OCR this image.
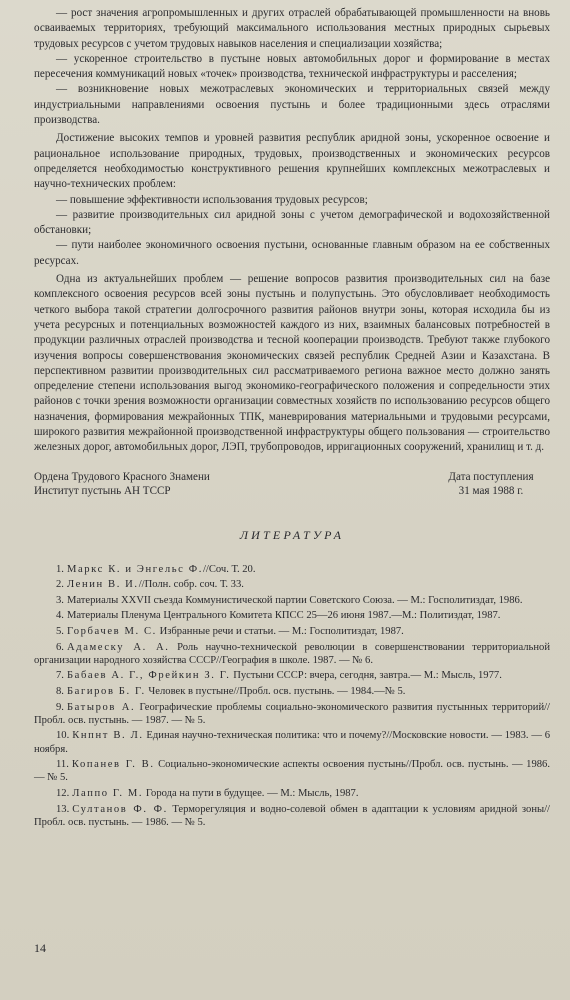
— рост значения агропромышленных и других отраслей обрабатывающей промышленности на вновь осваиваемых территориях, требующий максимального использования местных природных сырьевых трудовых ресурсов с учетом трудовых навыков населения и специализации хозяйства;

— ускоренное строительство в пустыне новых автомобильных дорог и формирование в местах пересечения коммуникаций новых «точек» производства, технической инфраструктуры и расселения;

— возникновение новых межотраслевых экономических и территориальных связей между индустриальными направлениями освоения пустынь и более традиционными здесь отраслями производства.

Достижение высоких темпов и уровней развития республик аридной зоны, ускоренное освоение и рациональное использование природных, трудовых, производственных и экономических ресурсов определяется необходимостью конструктивного решения крупнейших комплексных межотраслевых и научно-технических проблем:

— повышение эффективности использования трудовых ресурсов;

— развитие производительных сил аридной зоны с учетом демографической и водохозяйственной обстановки;

— пути наиболее экономичного освоения пустыни, основанные главным образом на ее собственных ресурсах.

Одна из актуальнейших проблем — решение вопросов развития производительных сил на базе комплексного освоения ресурсов всей зоны пустынь и полупустынь. Это обусловливает необходимость четкого выбора такой стратегии долгосрочного развития районов внутри зоны, которая исходила бы из учета ресурсных и потенциальных возможностей каждого из них, взаимных балансовых потребностей в продукции различных отраслей производства и тесной кооперации производств. Требуют также глубокого изучения вопросы совершенствования экономических связей республик Средней Азии и Казахстана. В перспективном развитии производительных сил рассматриваемого региона важное место должно занять определение степени использования выгод экономико-географического положения и сопредельности этих районов с точки зрения возможности организации совместных хозяйств по использованию ресурсов общего назначения, формирования межрайонных ТПК, маневрирования материальными и трудовыми ресурсами, широкого развития межрайонной производственной инфраструктуры общего пользования — строительство железных дорог, автомобильных дорог, ЛЭП, трубопроводов, ирригационных сооружений, хранилищ и т. д.

Ордена Трудового Красного Знамени
Институт пустынь АН ТССР
Дата поступления
31 мая 1988 г.
ЛИТЕРАТУРА

1. Маркс К. и Энгельс Ф.//Соч. Т. 20.

2. Ленин В. И.//Полн. собр. соч. Т. 33.

3. Материалы XXVII съезда Коммунистической партии Советского Союза. — М.: Госполитиздат, 1986.

4. Материалы Пленума Центрального Комитета КПСС 25—26 июня 1987.—М.: Политиздат, 1987.

5. Горбачев М. С. Избранные речи и статьи. — М.: Госполитиздат, 1987.

6. Адамеску А. А. Роль научно-технической революции в совершенствовании территориальной организации народного хозяйства СССР//География в школе. 1987. — № 6.

7. Бабаев А. Г., Фрейкин З. Г. Пустыни СССР: вчера, сегодня, завтра.— М.: Мысль, 1977.

8. Багиров Б. Г. Человек в пустыне//Пробл. осв. пустынь. — 1984.—№ 5.

9. Батыров А. Географические проблемы социально-экономического развития пустынных территорий//Пробл. осв. пустынь. — 1987. — № 5.

10. Кнпнт В. Л. Единая научно-техническая политика: что и почему?//Московские новости. — 1983. — 6 ноября.

11. Копанев Г. В. Социально-экономические аспекты освоения пустынь//Пробл. осв. пустынь. — 1986. — № 5.

12. Лаппо Г. М. Города на пути в будущее. — М.: Мысль, 1987.

13. Султанов Ф. Ф. Терморегуляция и водно-солевой обмен в адаптации к условиям аридной зоны//Пробл. осв. пустынь. — 1986. — № 5.

14
